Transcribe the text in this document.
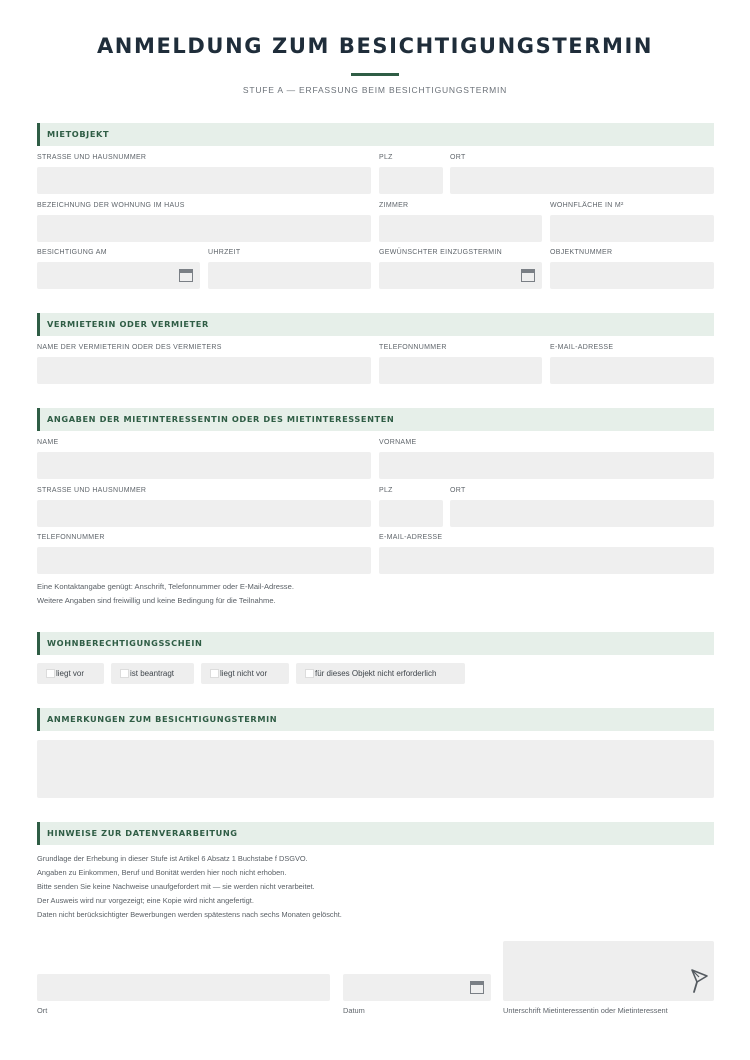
ANMELDUNG ZUM BESICHTIGUNGSTERMIN
STUFE A — ERFASSUNG BEIM BESICHTIGUNGSTERMIN
MIETOBJEKT
STRASSE UND HAUSNUMMER	PLZ	ORT
BEZEICHNUNG DER WOHNUNG IM HAUS	ZIMMER	WOHNFLÄCHE IN M²
BESICHTIGUNG AM	UHRZEIT	GEWÜNSCHTER EINZUGSTERMIN	OBJEKTNUMMER
VERMIETERIN ODER VERMIETER
NAME DER VERMIETERIN ODER DES VERMIETERS	TELEFONNUMMER	E-MAIL-ADRESSE
ANGABEN DER MIETINTERESSENTIN ODER DES MIETINTERESSENTEN
NAME	VORNAME
STRASSE UND HAUSNUMMER	PLZ	ORT
TELEFONNUMMER	E-MAIL-ADRESSE
Eine Kontaktangabe genügt: Anschrift, Telefonnummer oder E-Mail-Adresse.
Weitere Angaben sind freiwillig und keine Bedingung für die Teilnahme.
WOHNBERECHTIGUNGSSCHEIN
liegt vor	ist beantragt	liegt nicht vor	für dieses Objekt nicht erforderlich
ANMERKUNGEN ZUM BESICHTIGUNGSTERMIN
HINWEISE ZUR DATENVERARBEITUNG
Grundlage der Erhebung in dieser Stufe ist Artikel 6 Absatz 1 Buchstabe f DSGVO.
Angaben zu Einkommen, Beruf und Bonität werden hier noch nicht erhoben.
Bitte senden Sie keine Nachweise unaufgefordert mit — sie werden nicht verarbeitet.
Der Ausweis wird nur vorgezeigt; eine Kopie wird nicht angefertigt.
Daten nicht berücksichtigter Bewerbungen werden spätestens nach sechs Monaten gelöscht.
Ort	Datum	Unterschrift Mietinteressentin oder Mietinteressent
